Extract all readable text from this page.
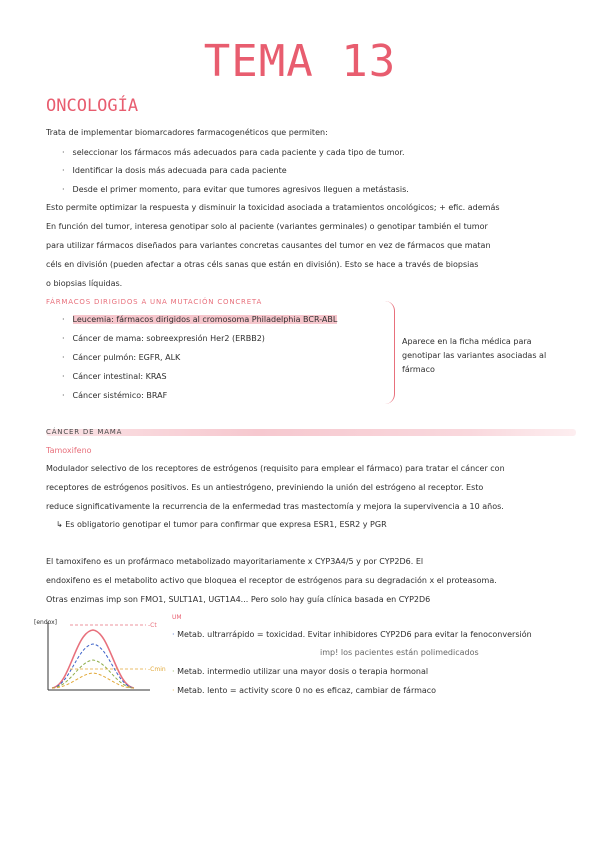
TEMA 13
ONCOLOGÍA
Trata de implementar biomarcadores farmacogenéticos que permiten:
· seleccionar los fármacos más adecuados para cada paciente y cada tipo de tumor.
· Identificar la dosis más adecuada para cada paciente
· Desde el primer momento, para evitar que tumores agresivos lleguen a metástasis.
Esto permite optimizar la respuesta y disminuir la toxicidad asociada a tratamientos oncológicos; + efic. además
En función del tumor, interesa genotipar solo al paciente (variantes germinales) o genotipar también el tumor
para utilizar fármacos diseñados para variantes concretas causantes del tumor en vez de fármacos que matan
céls en división (pueden afectar a otras céls sanas que están en división). Esto se hace a través de biopsias
o biopsias líquidas.
FÁRMACOS DIRIGIDOS A UNA MUTACIÓN CONCRETA
· Leucemia: fármacos dirigidos al cromosoma Philadelphia BCR-ABL
· Cáncer de mama: sobreexpresión Her2 (ERBB2)
· Cáncer pulmón: EGFR, ALK
· Cáncer intestinal: KRAS
· Cáncer sistémico: BRAF
Aparece en la ficha médica para genotipar las variantes asociadas al fármaco
CÁNCER DE MAMA
Tamoxifeno
Modulador selectivo de los receptores de estrógenos (requisito para emplear el fármaco) para tratar el cáncer con
receptores de estrógenos positivos. Es un antiestrógeno, previniendo la unión del estrógeno al receptor. Esto
reduce significativamente la recurrencia de la enfermedad tras mastectomía y mejora la supervivencia a 10 años.
↳ Es obligatorio genotipar el tumor para confirmar que expresa ESR1, ESR2 y PGR
El tamoxifeno es un profármaco metabolizado mayoritariamente x CYP3A4/5 y por CYP2D6. El
endoxifeno es el metabolito activo que bloquea el receptor de estrógenos para su degradación x el proteasoma.
Otras enzimas imp son FMO1, SULT1A1, UGT1A4... Pero solo hay guía clínica basada en CYP2D6
[endox]	-Ct
-Cmin
UM
· Metab. ultrarrápido = toxicidad. Evitar inhibidores CYP2D6 para evitar la fenoconversión
imp! los pacientes están polimedicados
· Metab. intermedio utilizar una mayor dosis o terapia hormonal
· Metab. lento = activity score 0 no es eficaz, cambiar de fármaco
